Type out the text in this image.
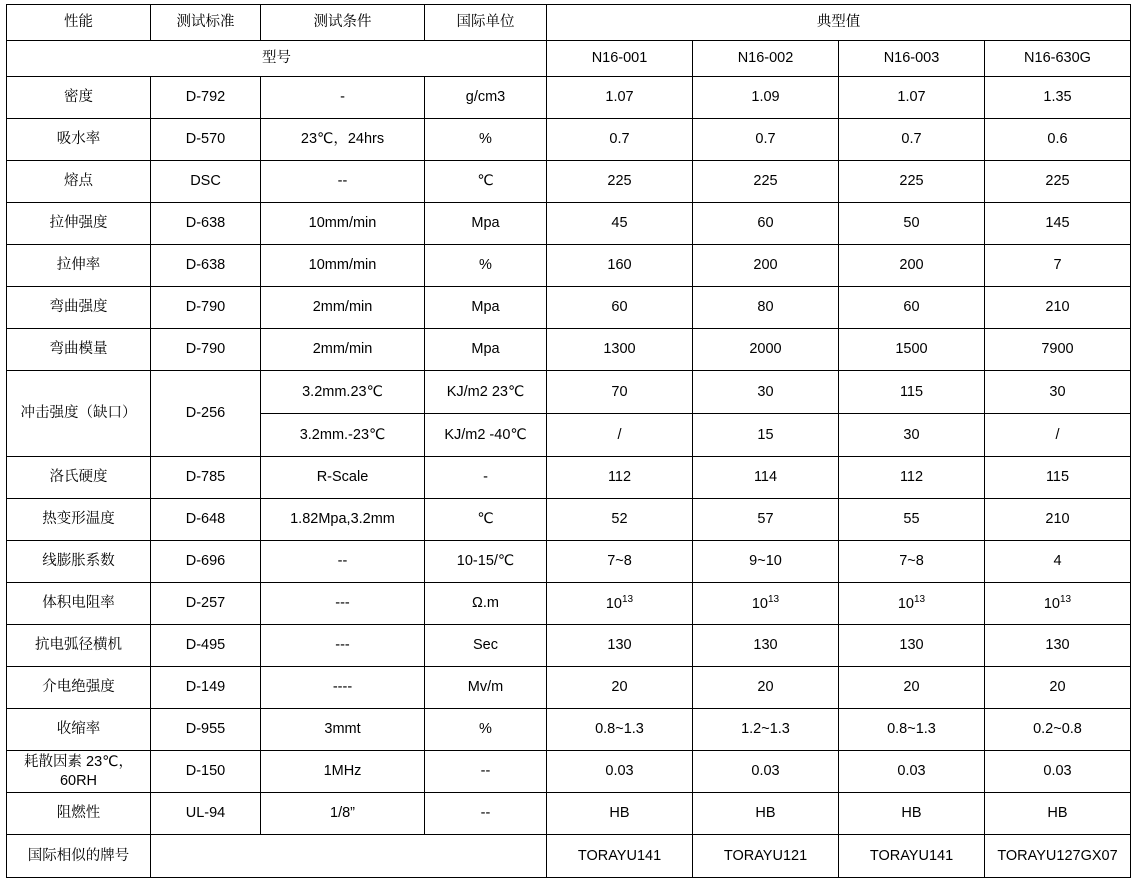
性能	测试标准	测试条件	国际单位	典型值			
型号				N16-001	N16-002	N16-003	N16-630G
密度	D-792	-	g/cm3	1.07	1.09	1.07	1.35
吸水率	D-570	23℃，24hrs	%	0.7	0.7	0.7	0.6
熔点	DSC	--	℃	225	225	225	225
拉伸强度	D-638	10mm/min	Mpa	45	60	50	145
拉伸率	D-638	10mm/min	%	160	200	200	7
弯曲强度	D-790	2mm/min	Mpa	60	80	60	210
弯曲模量	D-790	2mm/min	Mpa	1300	2000	1500	7900
冲击强度（缺口）	D-256	3.2mm.23℃	KJ/m2 23℃	70	30	115	30
		3.2mm.-23℃	KJ/m2 -40℃	/	15	30	/
洛氏硬度	D-785	R-Scale	-	112	114	112	115
热变形温度	D-648	1.82Mpa,3.2mm	℃	52	57	55	210
线膨胀系数	D-696	--	10-15/℃	7~8	9~10	7~8	4
体积电阻率	D-257	---	Ω.m	$10^{13}$	$10^{13}$	$10^{13}$	$10^{13}$
抗电弧径横机	D-495	---	Sec	130	130	130	130
介电绝强度	D-149	----	Mv/m	20	20	20	20
收缩率	D-955	3mmt	%	0.8~1.3	1.2~1.3	0.8~1.3	0.2~0.8
耗散因素 23℃，60RH	D-150	1MHz	--	0.03	0.03	0.03	0.03
阻燃性	UL-94	1/8”	--	HB	HB	HB	HB
国际相似的牌号				TORAYU141	TORAYU121	TORAYU141	TORAYU127GX07
